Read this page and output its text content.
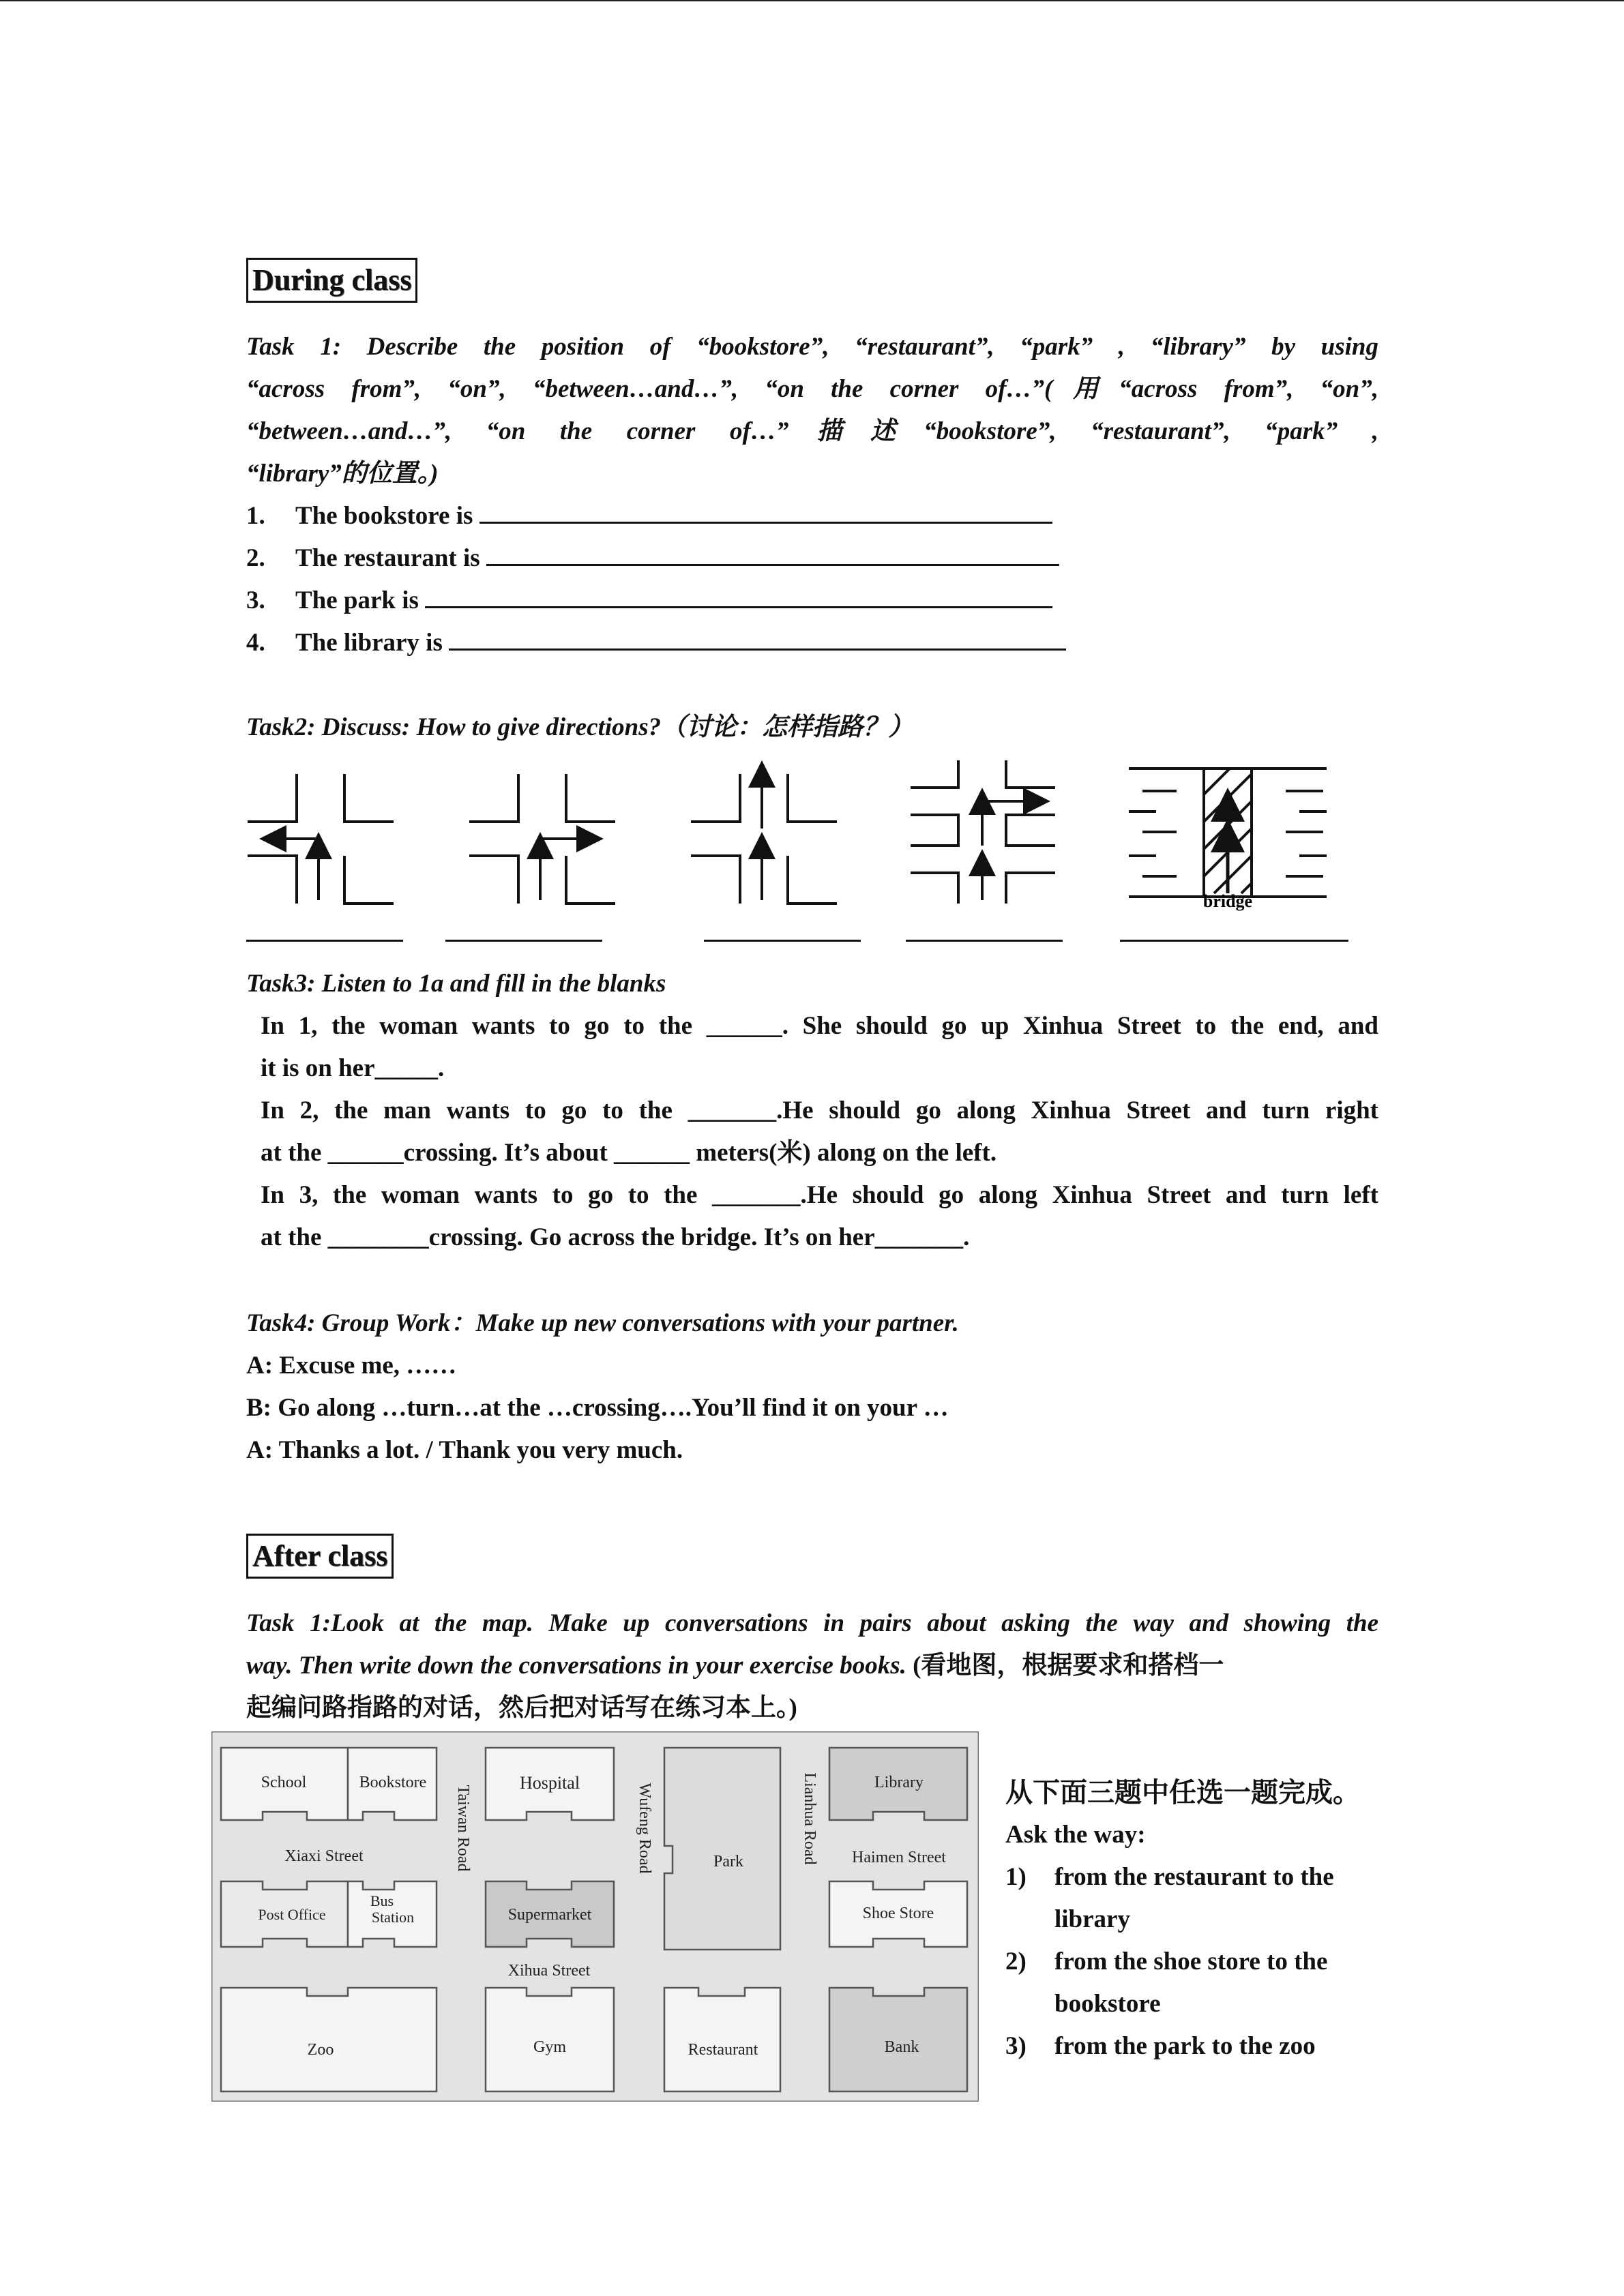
During class
Task 1: Describe the position of “bookstore”, “restaurant”, “park” , “library” by using
“across from”, “on”, “between…and…”, “on the corner of…”(用“across from”, “on”,
“between…and…”, “on the corner of…”描述“bookstore”, “restaurant”, “park” ,
“library”的位置。)
1. The bookstore is
2. The restaurant is
3. The park is
4. The library is
Task2: Discuss: How to give directions?（讨论：怎样指路？）
bridge
Task3: Listen to 1a and fill in the blanks
In 1, the woman wants to go to the ______. She should go up Xinhua Street to the end, and
it is on her_____.
In 2, the man wants to go to the _______.He should go along Xinhua Street and turn right
at the ______crossing. It’s about ______ meters(米) along on the left.
In 3, the woman wants to go to the _______.He should go along Xinhua Street and turn left
at the ________crossing. Go across the bridge. It’s on her_______.
Task4: Group Work：Make up new conversations with your partner.
A: Excuse me, ……
B: Go along …turn…at the …crossing….You’ll find it on your …
A: Thanks a lot. / Thank you very much.
After class
Task 1:Look at the map. Make up conversations in pairs about asking the way and showing the
way. Then write down the conversations in your exercise books. (看地图，根据要求和搭档一
起编问路指路的对话，然后把对话写在练习本上。)
School	Bookstore	Hospital
Park
Library
Xiaxi Street	Haimen Street
Post Office
Bus
Station	Supermarket	Shoe Store
Xihua Street
Zoo	Gym	Restaurant	Bank
Taiwan Road	Wufeng Road	Lianhua Road	从下面三题中任选一题完成。
Ask the way:
1) from the restaurant to the
library
2) from the shoe store to the
bookstore
3) from the park to the zoo
